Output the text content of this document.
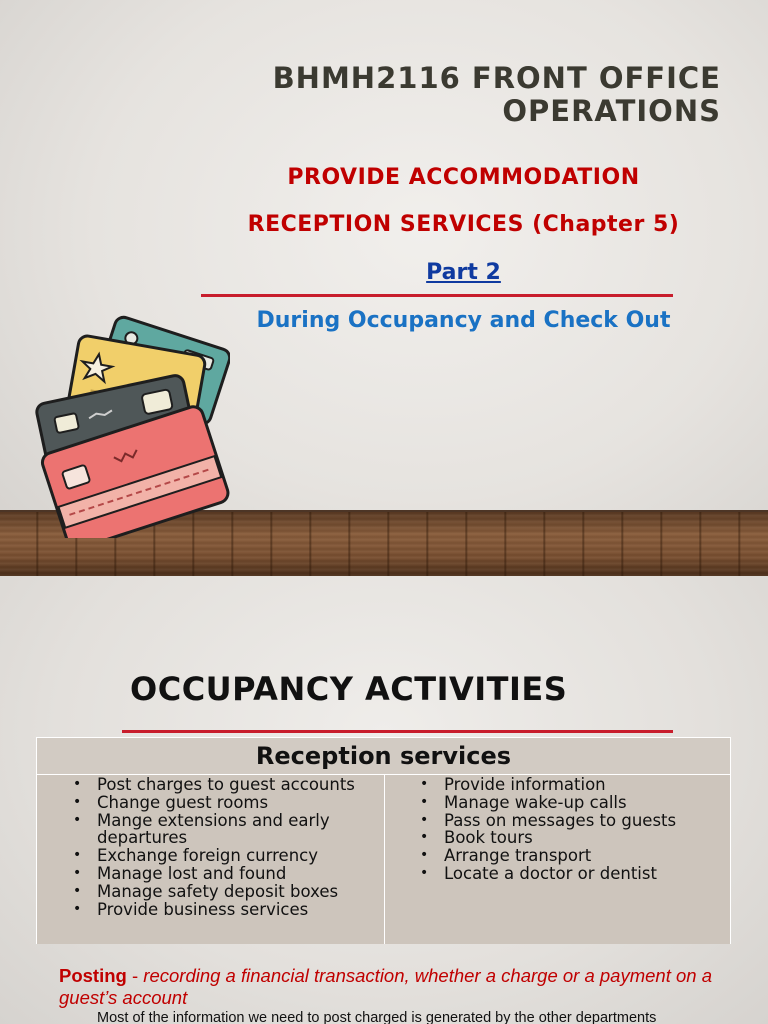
BHMH2116 FRONT OFFICE
OPERATIONS
PROVIDE ACCOMMODATION
RECEPTION SERVICES (Chapter 5)
Part 2
During Occupancy and Check Out
OCCUPANCY ACTIVITIES
Reception services
• Post charges to guest accounts
• Change guest rooms
• Mange extensions and early
departures
• Exchange foreign currency
• Manage lost and found
• Manage safety deposit boxes
• Provide business services
• Provide information
• Manage wake-up calls
• Pass on messages to guests
• Book tours
• Arrange transport
• Locate a doctor or dentist
Posting - recording a financial transaction, whether a charge or a payment on a guest’s account
Most of the information we need to post charged is generated by the other departments
